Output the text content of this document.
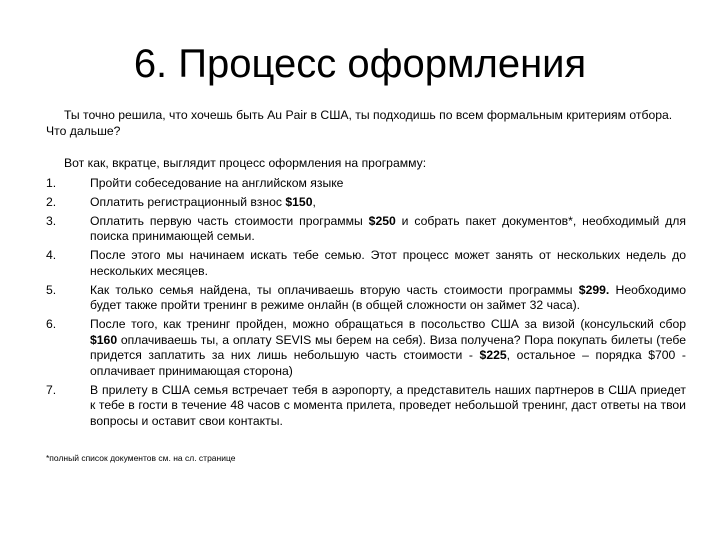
6. Процесс оформления

Ты точно решила, что хочешь быть Au Pair в США, ты подходишь по всем формальным критериям отбора. Что дальше?

Вот как, вкратце, выглядит процесс оформления на программу:

1.	Пройти собеседование на английском языке
2.	Оплатить регистрационный взнос $150,
3.	Оплатить первую часть стоимости программы $250 и собрать пакет документов*, необходимый для поиска принимающей семьи.
4.	После этого мы начинаем искать тебе семью. Этот процесс может занять от нескольких недель до нескольких месяцев.
5.	Как только семья найдена, ты оплачиваешь вторую часть стоимости программы $299. Необходимо будет также пройти тренинг в режиме онлайн (в общей сложности он займет 32 часа).
6.	После того, как тренинг пройден, можно обращаться в посольство США за визой (консульский сбор $160 оплачиваешь ты, а оплату SEVIS мы берем на себя). Виза получена? Пора покупать билеты (тебе придется заплатить за них лишь небольшую часть стоимости - $225, остальное – порядка $700 - оплачивает принимающая сторона)
7.	В прилету в США семья встречает тебя в аэропорту, а представитель наших партнеров в США приедет к тебе в гости в течение 48 часов с момента прилета, проведет небольшой тренинг, даст ответы на твои вопросы и оставит свои контакты.
*полный список документов см. на сл. странице
